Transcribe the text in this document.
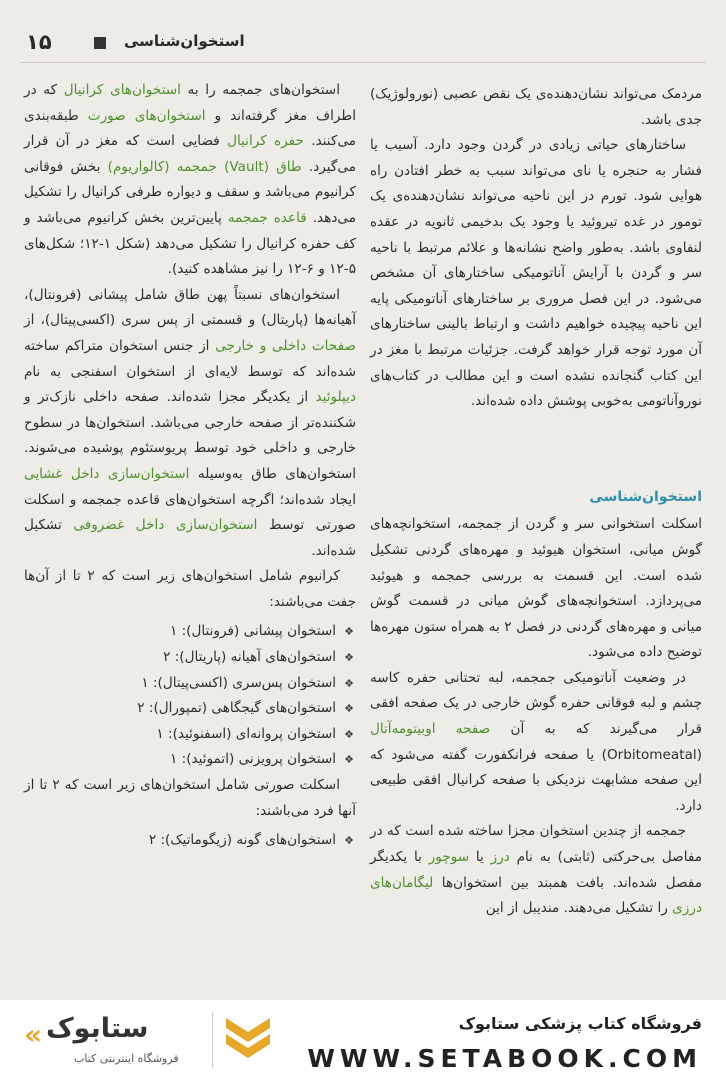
۱۵	استخوان‌شناسی

مردمک می‌تواند نشان‌دهنده‌ی یک نقص عصبی (نورولوژیک) جدی باشد.

ساختارهای حیاتی زیادی در گردن وجود دارد. آسیب یا فشار به حنجره یا نای می‌تواند سبب به خطر افتادن راه هوایی شود. تورم در این ناحیه می‌تواند نشان‌دهنده‌ی یک تومور در غده تیروئید یا وجود یک بدخیمی ثانویه در عقده لنفاوی باشد. به‌طور واضح نشانه‌ها و علائم مرتبط با ناحیه سر و گردن با آرایش آناتومیکی ساختارهای آن مشخص می‌شود. در این فصل مروری بر ساختارهای آناتومیکی پایه این ناحیه پیچیده خواهیم داشت و ارتباط بالینی ساختارهای آن مورد توجه قرار خواهد گرفت. جزئیات مرتبط با مغز در این کتاب گنجانده نشده است و این مطالب در کتاب‌های نوروآناتومی به‌خوبی پوشش داده شده‌اند.

استخوان‌شناسی

اسکلت استخوانی سر و گردن از جمجمه، استخوانچه‌های گوش میانی، استخوان هیوئید و مهره‌های گردنی تشکیل شده است. این قسمت به بررسی جمجمه و هیوئید می‌پردازد. استخوانچه‌های گوش میانی در قسمت گوش میانی و مهره‌های گردنی در فصل ۲ به همراه ستون مهره‌ها توضیح داده می‌شود.

در وضعیت آناتومیکی جمجمه، لبه تحتانی حفره کاسه چشم و لبه فوقانی حفره گوش خارجی در یک صفحه افقی قرار می‌گیرند که به آن صفحه اوبیتومه‌آتال (Orbitomeatal) یا صفحه فرانکفورت گفته می‌شود که این صفحه مشابهت نزدیکی با صفحه کرانیال افقی طبیعی دارد.

جمجمه از چندین استخوان مجزا ساخته شده است که در مفاصل بی‌حرکتی (ثابتی) به نام درز یا سوچور با یکدیگر مفصل شده‌اند. بافت همبند بین استخوان‌ها لیگامان‌های درزی را تشکیل می‌دهند. مندیبل از این

استخوان‌های جمجمه را به استخوان‌های کرانیال که در اطراف مغز گرفته‌اند و استخوان‌های صورت طبقه‌بندی می‌کنند. حفره کرانیال فضایی است که مغز در آن قرار می‌گیرد. طاق (Vault) جمجمه (کالواریوم) بخش فوقانی کرانیوم می‌باشد و سقف و دیواره طرفی کرانیال را تشکیل می‌دهد. قاعده جمجمه پایین‌ترین بخش کرانیوم می‌باشد و کف حفره کرانیال را تشکیل می‌دهد (شکل ۱-۱۲؛ شکل‌های ۵-۱۲ و ۶-۱۲ را نیز مشاهده کنید).

استخوان‌های نسبتاً پهن طاق شامل پیشانی (فرونتال)، آهیانه‌ها (پاریتال) و قسمتی از پس سری (اکسی‌پیتال)، از صفحات داخلی و خارجی از جنس استخوان متراکم ساخته شده‌اند که توسط لایه‌ای از استخوان اسفنجی به نام دیپلوئید از یکدیگر مجزا شده‌اند. صفحه داخلی نازک‌تر و شکننده‌تر از صفحه خارجی می‌باشد. استخوان‌ها در سطوح خارجی و داخلی خود توسط پریوستئوم پوشیده می‌شوند. استخوان‌های طاق به‌وسیله استخوان‌سازی داخل غشایی ایجاد شده‌اند؛ اگرچه استخوان‌های قاعده جمجمه و اسکلت صورتی توسط استخوان‌سازی داخل غضروفی تشکیل شده‌اند.

کرانیوم شامل استخوان‌های زیر است که ۲ تا از آن‌ها جفت می‌باشند:

❖ استخوان پیشانی (فرونتال): ۱
❖ استخوان‌های آهیانه (پاریتال): ۲
❖ استخوان پس‌سری (اکسی‌پیتال): ۱
❖ استخوان‌های گیجگاهی (تمپورال): ۲
❖ استخوان پروانه‌ای (اسفنوئید): ۱
❖ استخوان پرویزنی (اتموئید): ۱

اسکلت صورتی شامل استخوان‌های زیر است که ۲ تا از آنها فرد می‌باشند:

❖ استخوان‌های گونه (زیگوماتیک): ۲
« ستابوک
فروشگاه اینترنتی کتاب
فروشگاه کتاب پزشکی ستابوک
WWW.SETABOOK.COM
